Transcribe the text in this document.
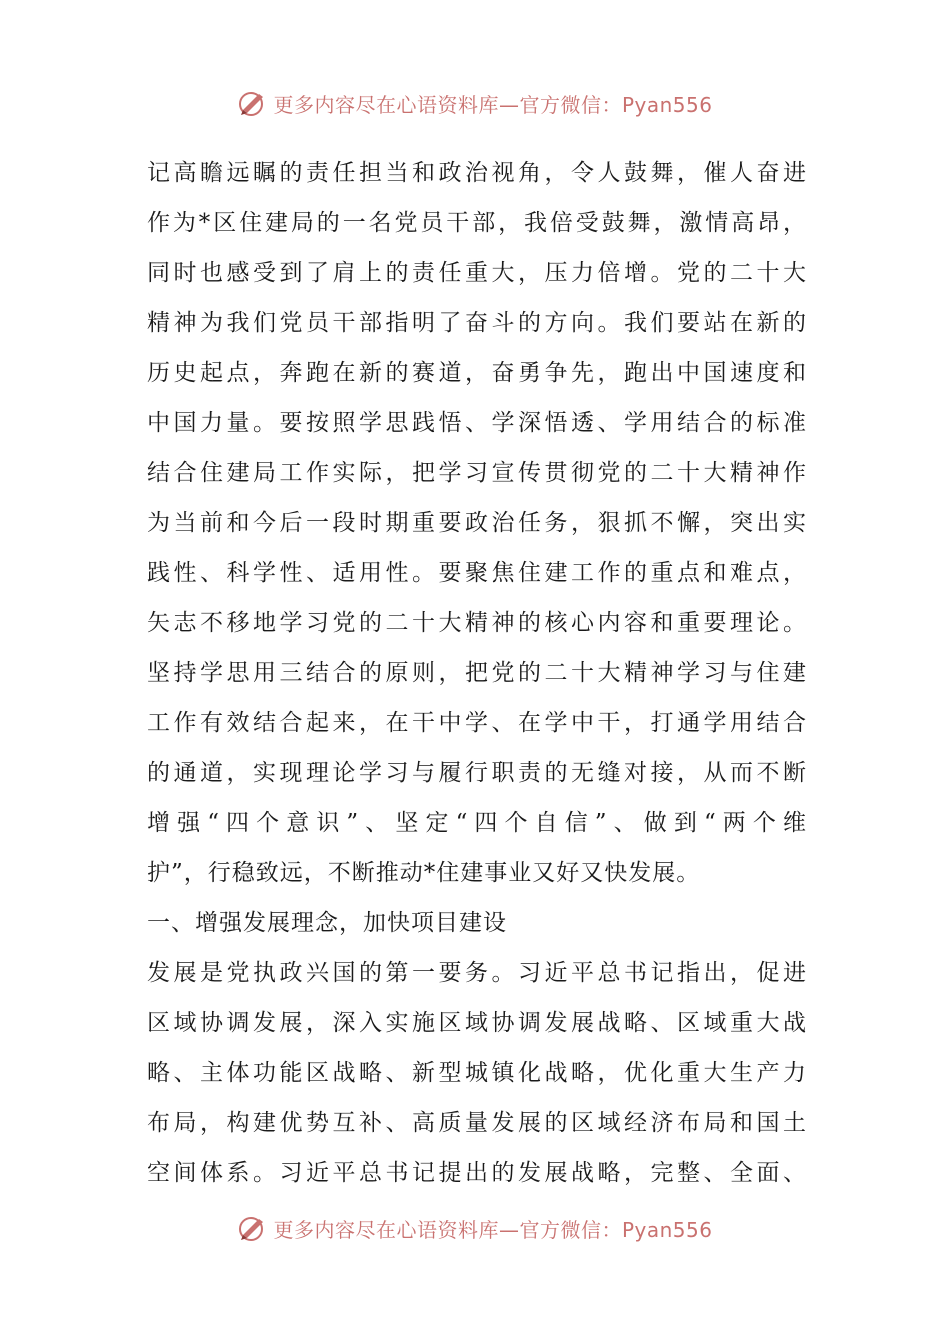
更多内容尽在心语资料库—官方微信：Pyan556
记高瞻远瞩的责任担当和政治视角，令人鼓舞，催人奋进
作为*区住建局的一名党员干部，我倍受鼓舞，激情高昂，
同时也感受到了肩上的责任重大，压力倍增。党的二十大
精神为我们党员干部指明了奋斗的方向。我们要站在新的
历史起点，奔跑在新的赛道，奋勇争先，跑出中国速度和
中国力量。要按照学思践悟、学深悟透、学用结合的标准
结合住建局工作实际，把学习宣传贯彻党的二十大精神作
为当前和今后一段时期重要政治任务，狠抓不懈，突出实
践性、科学性、适用性。要聚焦住建工作的重点和难点，
矢志不移地学习党的二十大精神的核心内容和重要理论。
坚持学思用三结合的原则，把党的二十大精神学习与住建
工作有效结合起来，在干中学、在学中干，打通学用结合
的通道，实现理论学习与履行职责的无缝对接，从而不断
增强“四个意识”、坚定“四个自信”、做到“两个维
护”，行稳致远，不断推动*住建事业又好又快发展。
一、增强发展理念，加快项目建设
发展是党执政兴国的第一要务。习近平总书记指出，促进
区域协调发展，深入实施区域协调发展战略、区域重大战
略、主体功能区战略、新型城镇化战略，优化重大生产力
布局，构建优势互补、高质量发展的区域经济布局和国土
空间体系。习近平总书记提出的发展战略，完整、全面、
更多内容尽在心语资料库—官方微信：Pyan556
